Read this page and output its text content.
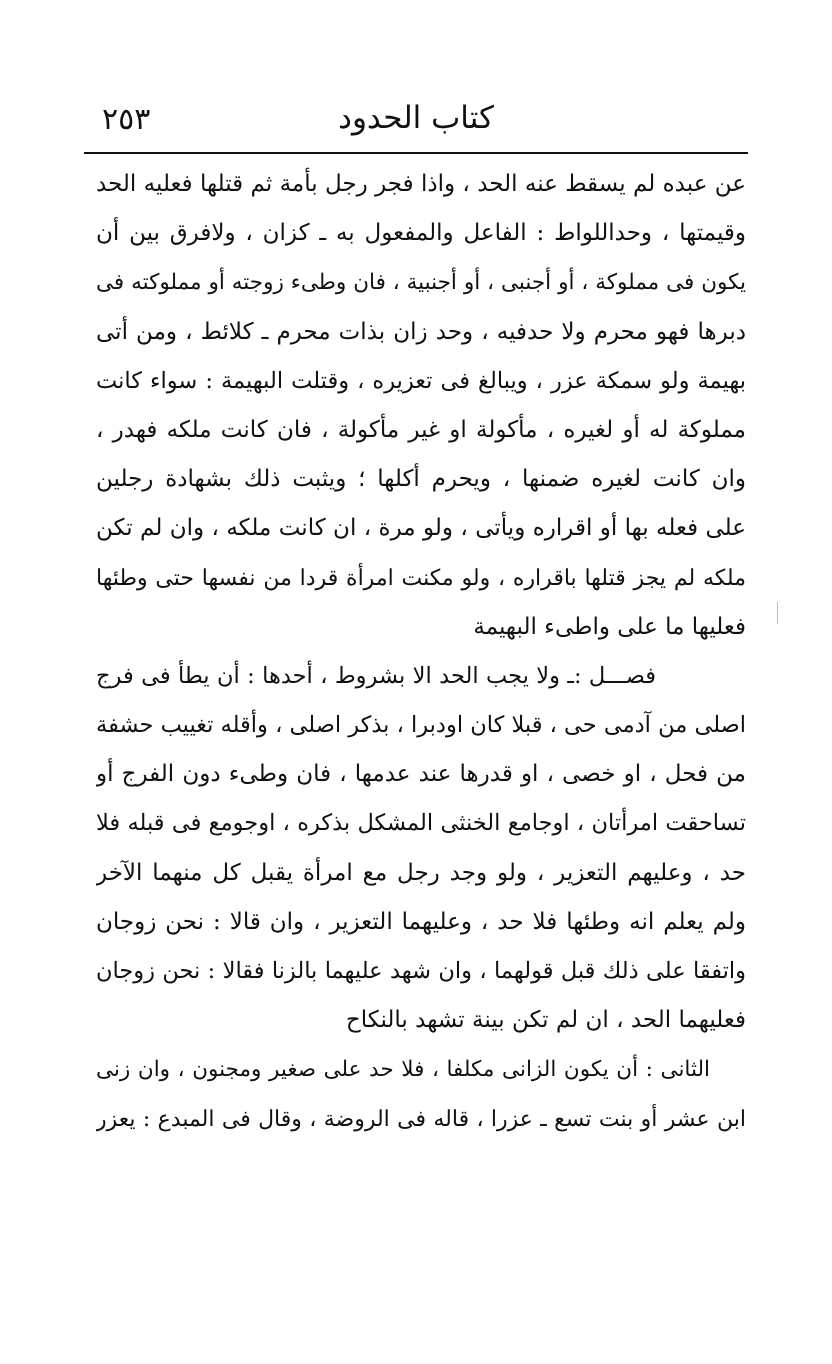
كتاب الحدود
٢٥٣
عن عبده لم يسقط عنه الحد ، واذا فجر رجل بأمة ثم قتلها فعليه الحد
وقيمتها ، وحداللواط : الفاعل والمفعول به ـ كزان ، ولافرق بين أن
يكون فى مملوكة ، أو أجنبى ، أو أجنبية ، فان وطىء زوجته أو مملوكته فى
دبرها فهو محرم ولا حدفيه ، وحد زان بذات محرم ـ كلائط ، ومن أتى
بهيمة ولو سمكة عزر ، ويبالغ فى تعزيره ، وقتلت البهيمة : سواء كانت
مملوكة له أو لغيره ، مأكولة او غير مأكولة ، فان كانت ملكه فهدر ،
وان كانت لغيره ضمنها ، ويحرم أكلها ؛ ويثبت ذلك بشهادة رجلين
على فعله بها أو اقراره ويأتى ، ولو مرة ، ان كانت ملكه ، وان لم تكن
ملكه لم يجز قتلها باقراره ، ولو مكنت امرأة قردا من نفسها حتى وطئها
فعليها ما على واطىء البهيمة
فصـــل :ـ ولا يجب الحد الا بشروط ، أحدها : أن يطأ فى فرج
اصلى من آدمى حى ، قبلا كان اودبرا ، بذكر اصلى ، وأقله تغييب حشفة
من فحل ، او خصى ، او قدرها عند عدمها ، فان وطىء دون الفرج أو
تساحقت امرأتان ، اوجامع الخنثى المشكل بذكره ، اوجومع فى قبله فلا
حد ، وعليهم التعزير ، ولو وجد رجل مع امرأة يقبل كل منهما الآخر
ولم يعلم انه وطئها فلا حد ، وعليهما التعزير ، وان قالا : نحن زوجان
واتفقا على ذلك قبل قولهما ، وان شهد عليهما بالزنا فقالا : نحن زوجان
فعليهما الحد ، ان لم تكن بينة تشهد بالنكاح
الثانى : أن يكون الزانى مكلفا ، فلا حد على صغير ومجنون ، وان زنى
ابن عشر أو بنت تسع ـ عزرا ، قاله فى الروضة ، وقال فى المبدع : يعزر
